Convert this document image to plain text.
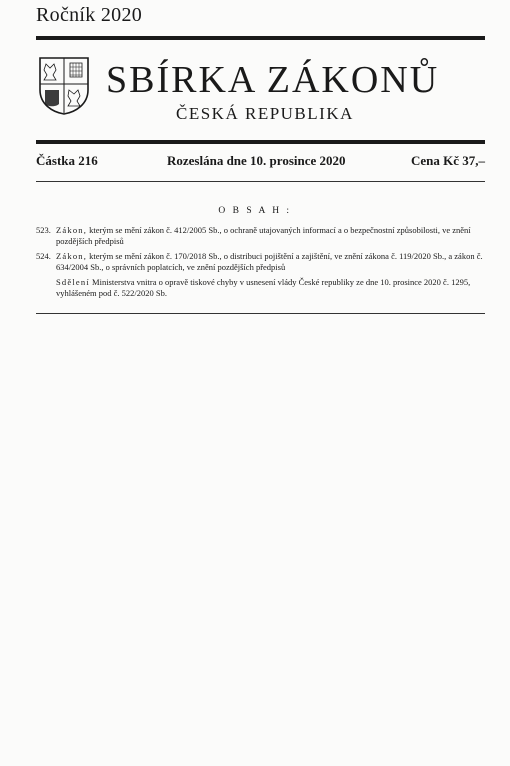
Ročník 2020
SBÍRKA ZÁKONŮ
ČESKÁ REPUBLIKA
Částka 216	Rozeslána dne 10. prosince 2020	Cena Kč 37,–
O B S A H :
523. Zákon, kterým se mění zákon č. 412/2005 Sb., o ochraně utajovaných informací a o bezpečnostní způsobilosti, ve znění pozdějších předpisů
524. Zákon, kterým se mění zákon č. 170/2018 Sb., o distribuci pojištění a zajištění, ve znění zákona č. 119/2020 Sb., a zákon č. 634/2004 Sb., o správních poplatcích, ve znění pozdějších předpisů
Sdělení Ministerstva vnitra o opravě tiskové chyby v usnesení vlády České republiky ze dne 10. prosince 2020 č. 1295, vyhlášeném pod č. 522/2020 Sb.
